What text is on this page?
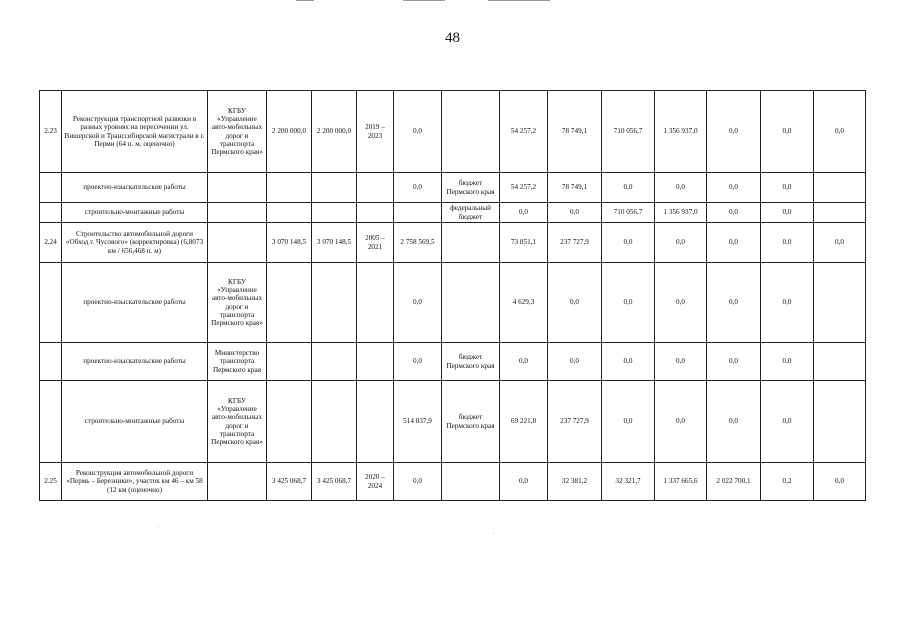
48
2.23	Реконструкция транспортной развязки в разных уровнях на пересечении ул. Вишерской и Транссибирской магистрали в г. Перми (64 п. м. оценочно)	КГБУ «Управление авто-мобильных дорог и транспорта Пермского края»	2 200 000,0	2 200 000,0	2019 – 2023	0,0		54 257,2	78 749,1	710 056,7	1 356 937,0	0,0	0,0	0,0
	проектно-изыскательские работы					0,0	бюджет Пермского края	54 257,2	78 749,1	0,0	0,0	0,0	0,0	
	строительно-монтажные работы						федеральный бюджет	0,0	0,0	710 056,7	1 356 937,0	0,0	0,0	
2.24	Строительство автомобильной дороги «Обход г. Чусового» (корректировка) (6,8073 км / 656,468 п. м)		3 070 148,5	3 070 148,5	2005 – 2021	2 758 569,5		73 851,1	237 727,9	0,0	0,0	0,0	0,0	0,0
	проектно-изыскательские работы	КГБУ «Управление авто-мобильных дорог и транспорта Пермского края»				0,0		4 629,3	0,0	0,0	0,0	0,0	0,0	
	проектно-изыскательские работы	Министерство транспорта Пермского края				0,0	бюджет Пермского края	0,0	0,0	0,0	0,0	0,0	0,0	
	строительно-монтажные работы	КГБУ «Управление авто-мобильных дорог и транспорта Пермского края»				514 837,9	бюджет Пермского края	69 221,8	237 727,9	0,0	0,0	0,0	0,0	
2.25	Реконструкция автомобильной дороги «Пермь – Березники», участок км 46 – км 58 (12 км (оценочно)		3 425 068,7	3 425 068,7	2020 – 2024	0,0		0,0	32 381,2	32 321,7	1 337 665,6	2 022 700,1	0,2	0,0
